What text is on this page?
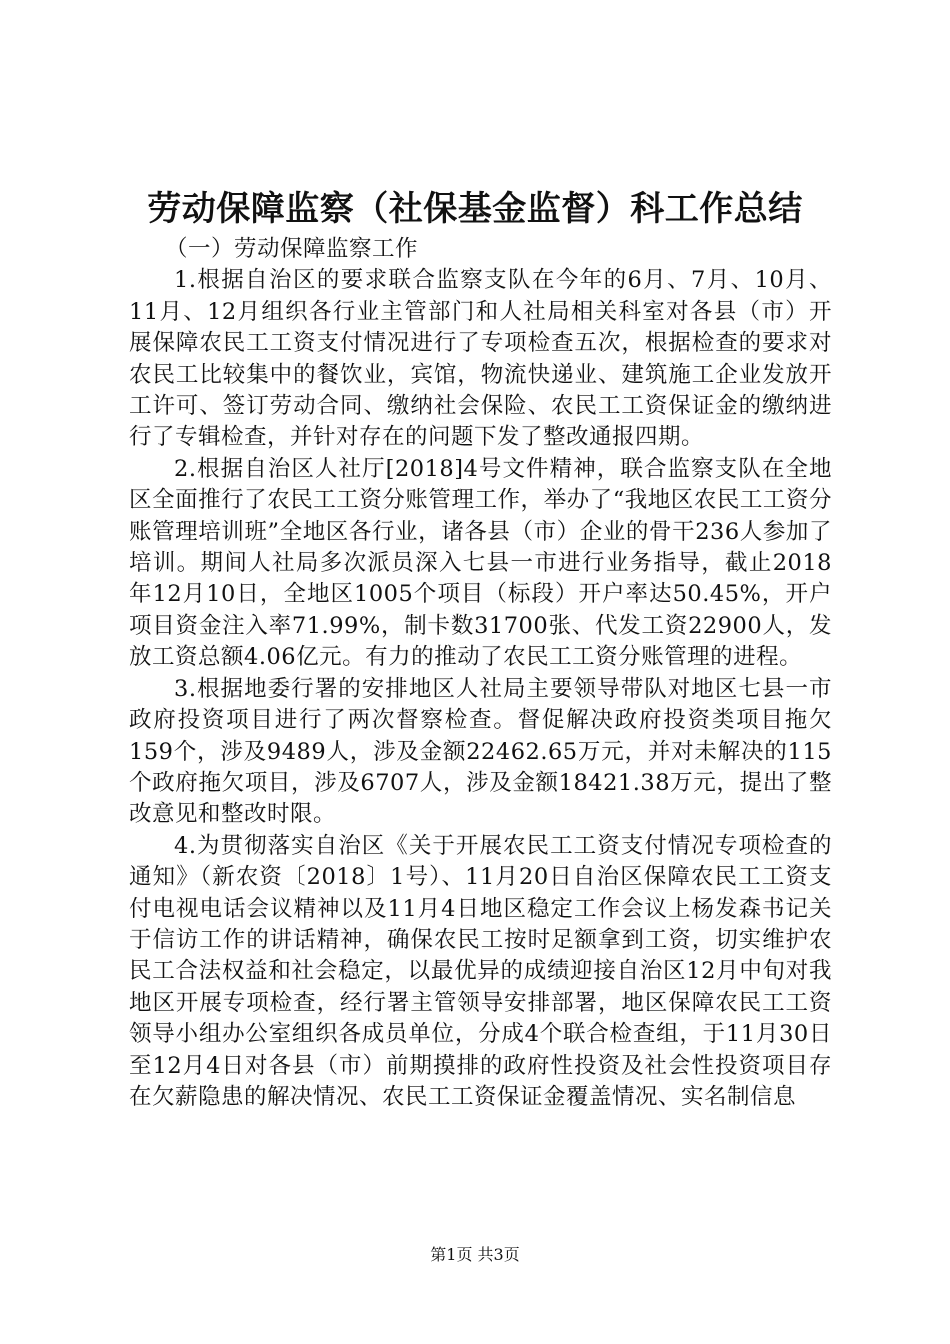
劳动保障监察（社保基金监督）科工作总结

（一）劳动保障监察工作

1.根据自治区的要求联合监察支队在今年的6月、7月、10月、11月、12月组织各行业主管部门和人社局相关科室对各县（市）开展保障农民工工资支付情况进行了专项检查五次，根据检查的要求对农民工比较集中的餐饮业，宾馆，物流快递业、建筑施工企业发放开工许可、签订劳动合同、缴纳社会保险、农民工工资保证金的缴纳进行了专辑检查，并针对存在的问题下发了整改通报四期。

2.根据自治区人社厅[2018]4号文件精神，联合监察支队在全地区全面推行了农民工工资分账管理工作，举办了“我地区农民工工资分账管理培训班”全地区各行业，诸各县（市）企业的骨干236人参加了培训。期间人社局多次派员深入七县一市进行业务指导，截止2018年12月10日，全地区1005个项目（标段）开户率达50.45%，开户项目资金注入率71.99%，制卡数31700张、代发工资22900人，发放工资总额4.06亿元。有力的推动了农民工工资分账管理的进程。

3.根据地委行署的安排地区人社局主要领导带队对地区七县一市政府投资项目进行了两次督察检查。督促解决政府投资类项目拖欠159个，涉及9489人，涉及金额22462.65万元，并对未解决的115个政府拖欠项目，涉及6707人，涉及金额18421.38万元，提出了整改意见和整改时限。

4.为贯彻落实自治区《关于开展农民工工资支付情况专项检查的通知》（新农资〔2018〕1号）、11月20日自治区保障农民工工资支付电视电话会议精神以及11月4日地区稳定工作会议上杨发森书记关于信访工作的讲话精神，确保农民工按时足额拿到工资，切实维护农民工合法权益和社会稳定，以最优异的成绩迎接自治区12月中旬对我地区开展专项检查，经行署主管领导安排部署，地区保障农民工工资领导小组办公室组织各成员单位，分成4个联合检查组，于11月30日至12月4日对各县（市）前期摸排的政府性投资及社会性投资项目存在欠薪隐患的解决情况、农民工工资保证金覆盖情况、实名制信息

第1页 共3页
